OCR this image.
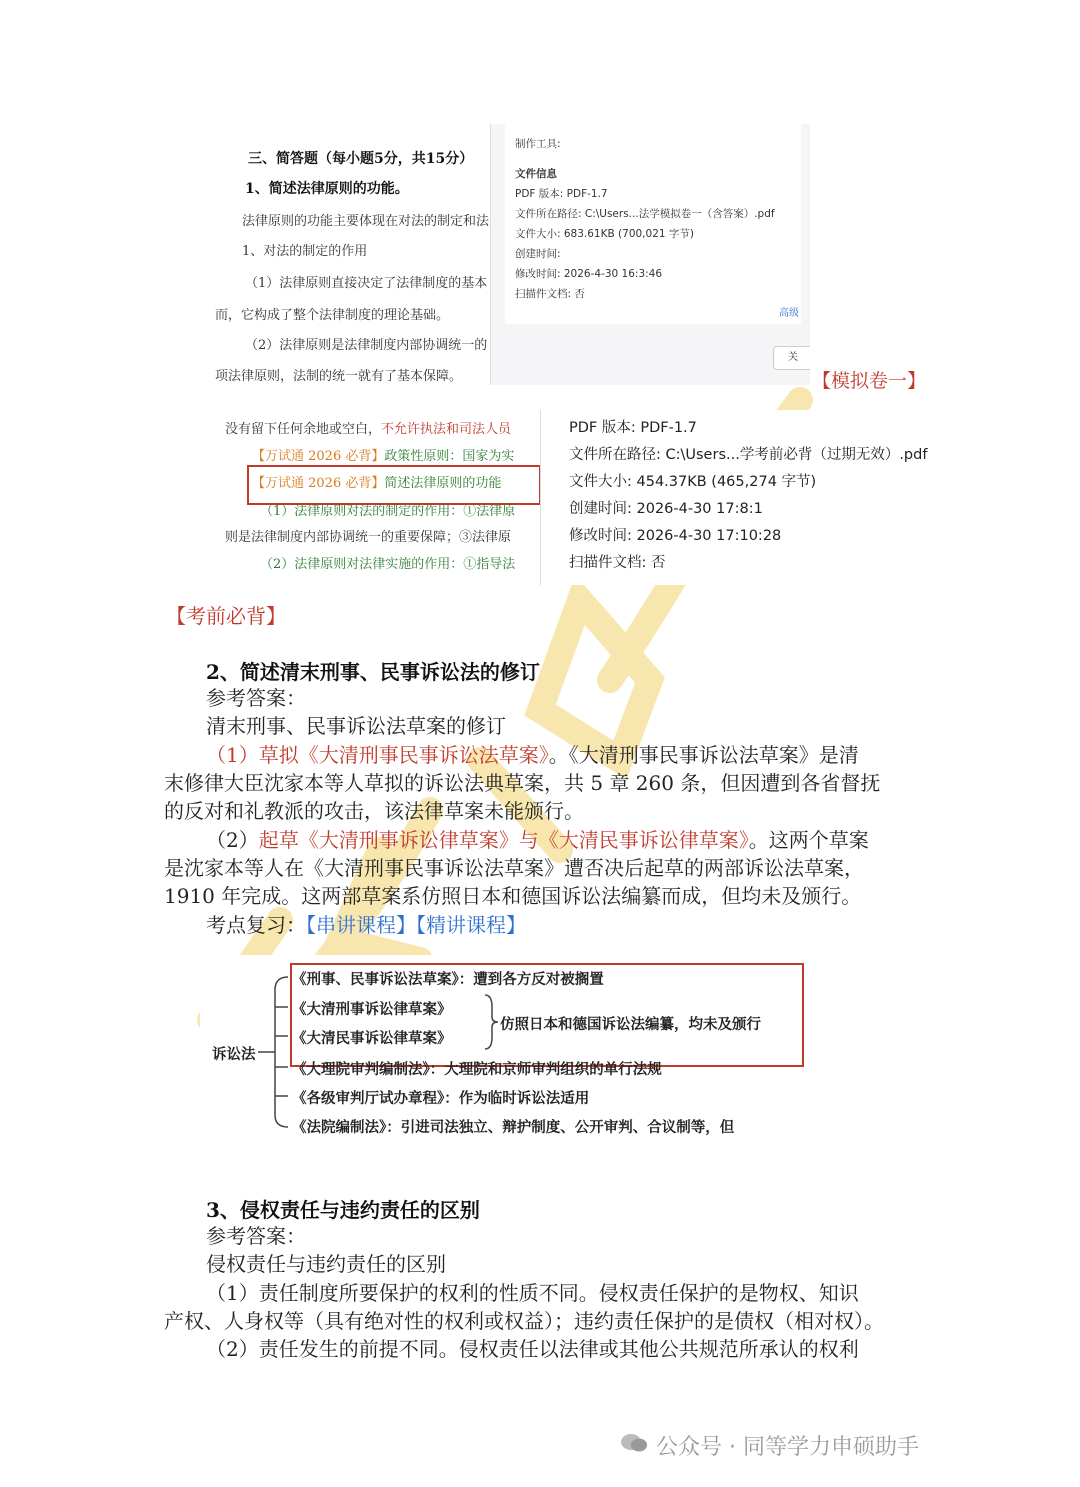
三、简答题（每小题5分，共15分）
1、简述法律原则的功能。
法律原则的功能主要体现在对法的制定和法
1、对法的制定的作用
（1）法律原则直接决定了法律制度的基本
而，它构成了整个法律制度的理论基础。
（2）法律原则是法律制度内部协调统一的
项法律原则，法制的统一就有了基本保障。
制作工具:
文件信息
PDF 版本: PDF-1.7
文件所在路径: C:\Users...法学模拟卷一（含答案）.pdf
文件大小: 683.61KB (700,021 字节)
创建时间:
修改时间: 2026-4-30 16:3:46
扫描件文档: 否
高级
关
【模拟卷一】
没有留下任何余地或空白，不允许执法和司法人员
【万试通 2026 必背】政策性原则：国家为实
【万试通 2026 必背】简述法律原则的功能
（1）法律原则对法的制定的作用：①法律原
则是法律制度内部协调统一的重要保障；③法律原
（2）法律原则对法律实施的作用：①指导法
PDF 版本: PDF-1.7
文件所在路径: C:\Users...学考前必背（过期无效）.pdf
文件大小: 454.37KB (465,274 字节)
创建时间: 2026-4-30 17:8:1
修改时间: 2026-4-30 17:10:28
扫描件文档: 否
【考前必背】
2、简述清末刑事、民事诉讼法的修订
参考答案：
清末刑事、民事诉讼法草案的修订
（1）草拟《大清刑事民事诉讼法草案》。《大清刑事民事诉讼法草案》是清
末修律大臣沈家本等人草拟的诉讼法典草案，共 5 章 260 条，但因遭到各省督抚
的反对和礼教派的攻击，该法律草案未能颁行。
（2）起草《大清刑事诉讼律草案》与《大清民事诉讼律草案》。这两个草案
是沈家本等人在《大清刑事民事诉讼法草案》遭否决后起草的两部诉讼法草案，
1910 年完成。这两部草案系仿照日本和德国诉讼法编纂而成，但均未及颁行。
考点复习：【串讲课程】【精讲课程】
诉讼法
《刑事、民事诉讼法草案》：遭到各方反对被搁置
《大清刑事诉讼律草案》
《大清民事诉讼律草案》
仿照日本和德国诉讼法编纂，均未及颁行
《大理院审判编制法》：大理院和京师审判组织的单行法规
《各级审判厅试办章程》：作为临时诉讼法适用
《法院编制法》：引进司法独立、辩护制度、公开审判、合议制等，但
3、侵权责任与违约责任的区别
参考答案：
侵权责任与违约责任的区别
（1）责任制度所要保护的权利的性质不同。侵权责任保护的是物权、知识
产权、人身权等（具有绝对性的权利或权益）；违约责任保护的是债权（相对权）。
（2）责任发生的前提不同。侵权责任以法律或其他公共规范所承认的权利
公众号 · 同等学力申硕助手
